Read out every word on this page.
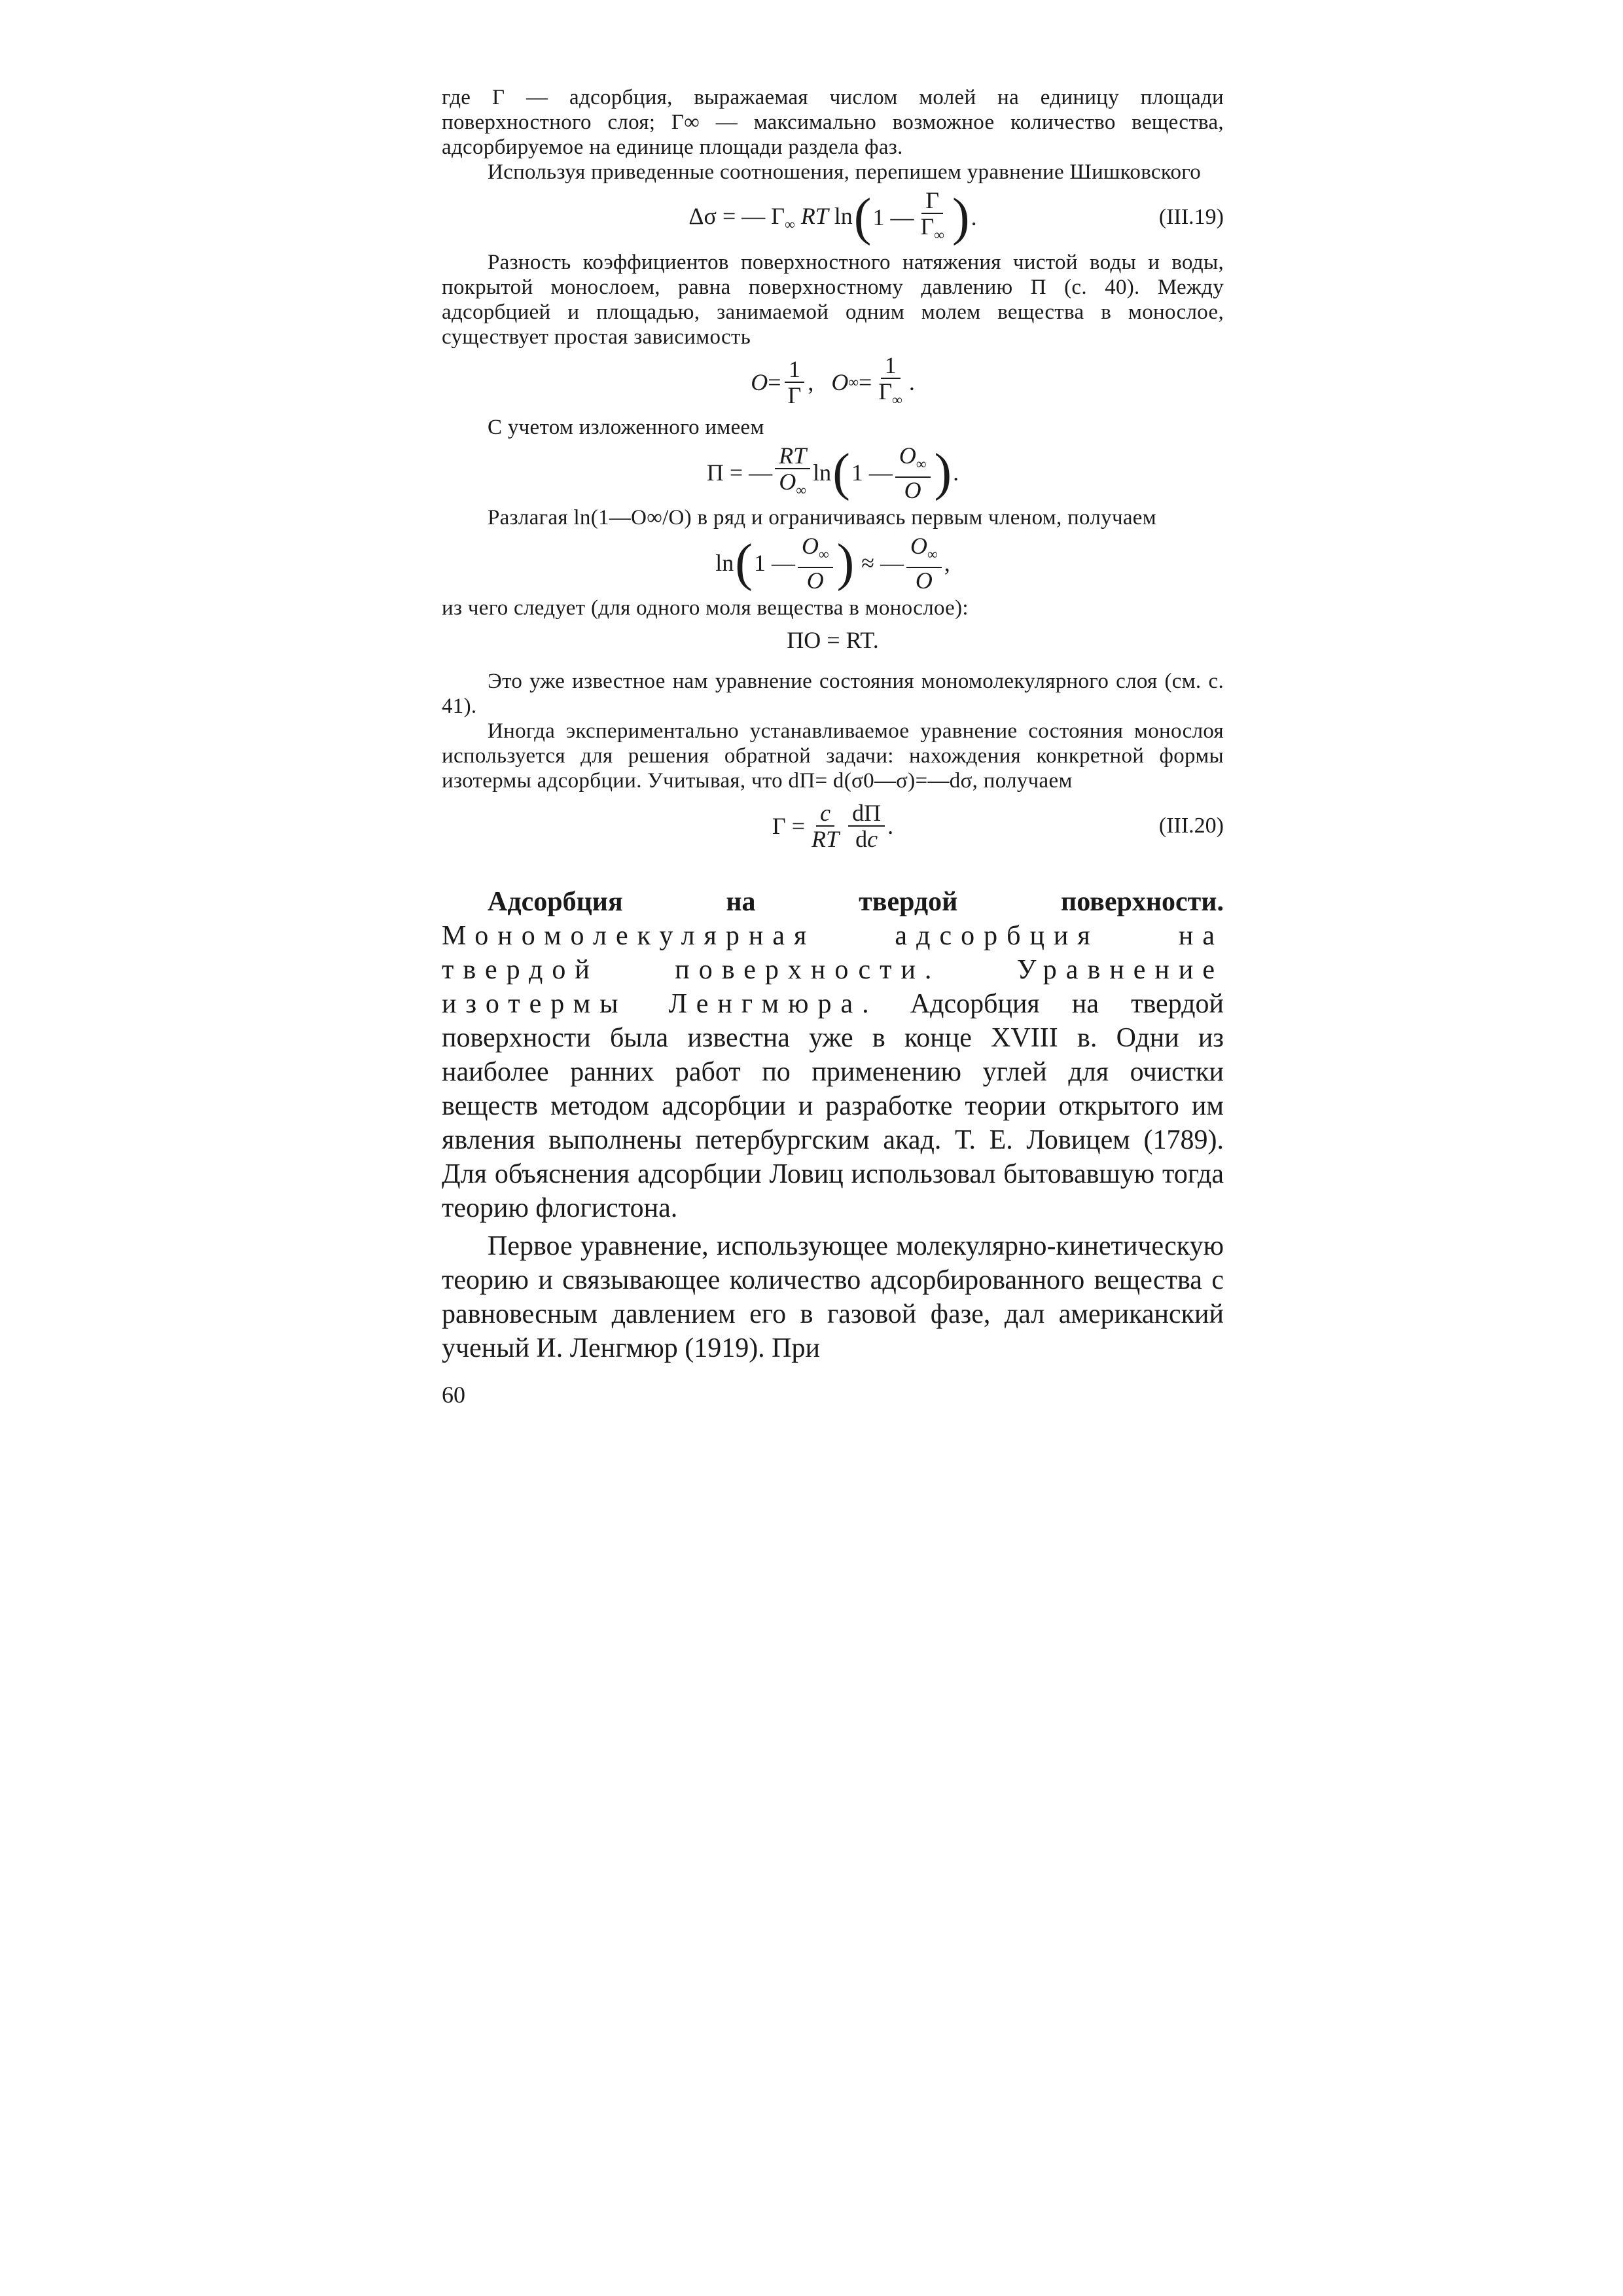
где Г — адсорбция, выражаемая числом молей на единицу площади поверхностного слоя; Г∞ — максимально возможное количество вещества, адсорбируемое на единице площади раздела фаз.

Используя приведенные соотношения, перепишем уравнение Шишковского

Δσ = — $Г_\infty$ RT ln ( 1 — $\frac{Г}{Г_\infty}$ ) .	(III.19)

Разность коэффициентов поверхностного натяжения чистой воды и воды, покрытой монослоем, равна поверхностному давлению П (с. 40). Между адсорбцией и площадью, занимаемой одним молем вещества в монослое, существует простая зависимость

$O = \frac{1}{Г}$ , O ∞ = $\frac{1}{Г_\infty}$ .

С учетом изложенного имеем

П = — $\frac{RT}{O_\infty}$ ln ( 1 — $\frac{O_\infty}{O}$ ) .

Разлагая ln(1—O∞/O) в ряд и ограничиваясь первым членом, получаем

ln ( 1 — $\frac{O_\infty}{O}$ ) ≈ — $\frac{O_\infty}{O}$ ,

из чего следует (для одного моля вещества в монослое):

ПО = RT.

Это уже известное нам уравнение состояния мономолекулярного слоя (см. с. 41).

Иногда экспериментально устанавливаемое уравнение состояния монослоя используется для решения обратной задачи: нахождения конкретной формы изотермы адсорбции. Учитывая, что dП= d(σ0—σ)=—dσ, получаем

$Г = \frac{c}{RT} \frac{dП}{dc}$ .	(III.20)

Адсорбция на твердой поверхности. Мономолекулярная адсорбция на твердой поверхности. Уравнение изотермы Ленгмюра. Адсорбция на твердой поверхности была известна уже в конце XVIII в. Одни из наиболее ранних работ по применению углей для очистки веществ методом адсорбции и разработке теории открытого им явления выполнены петербургским акад. Т. Е. Ловицем (1789). Для объяснения адсорбции Ловиц использовал бытовавшую тогда теорию флогистона.

Первое уравнение, использующее молекулярно-кинетическую теорию и связывающее количество адсорбированного вещества с равновесным давлением его в газовой фазе, дал американский ученый И. Ленгмюр (1919). При

60
